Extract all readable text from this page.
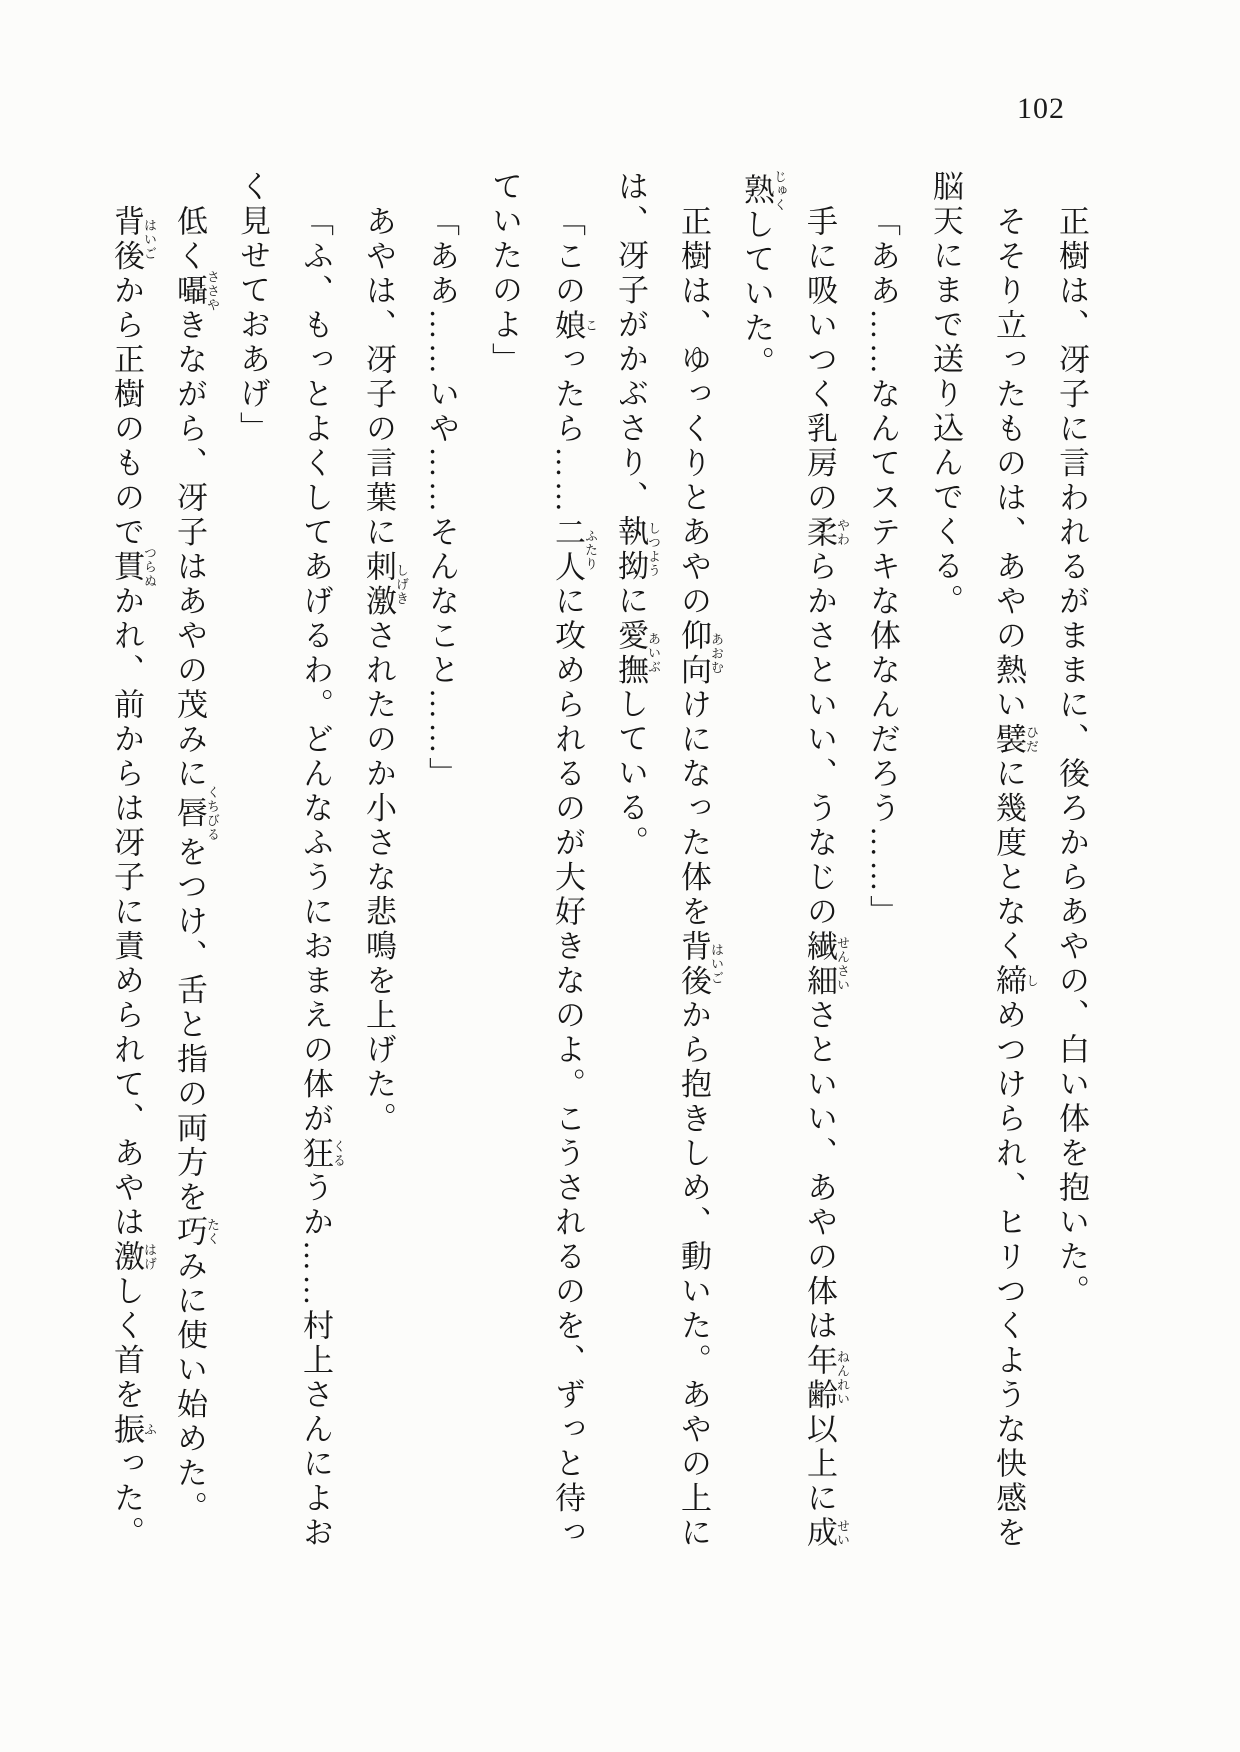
102
正樹は、冴子に言われるがままに、後ろからあやの、白い体を抱いた。
そそり立ったものは、あやの熱い襞ひだに幾度となく締しめつけられ、ヒリつくような快感を
脳天にまで送り込んでくる。
「ああ……なんてステキな体なんだろう……」
手に吸いつく乳房の柔やわらかさといい、うなじの繊細せんさいさといい、あやの体は年齢ねんれい以上に成せい
熟じゅくしていた。
正樹は、ゆっくりとあやの仰向あおむけになった体を背後はいごから抱きしめ、動いた。あやの上に
は、冴子がかぶさり、執拗しつように愛撫あいぶしている。
「この娘こったら……二人ふたりに攻められるのが大好きなのよ。こうされるのを、ずっと待っ
ていたのよ」
「ああ……いや……そんなこと……」
あやは、冴子の言葉に刺激しげきされたのか小さな悲鳴を上げた。
「ふ、もっとよくしてあげるわ。どんなふうにおまえの体が狂くるうか……村上さんによお
く見せておあげ」
低く囁ささやきながら、冴子はあやの茂みに唇くちびるをつけ、舌と指の両方を巧たくみに使い始めた。
背後はいごから正樹のもので貫つらぬかれ、前からは冴子に責められて、あやは激はげしく首を振ふった。
